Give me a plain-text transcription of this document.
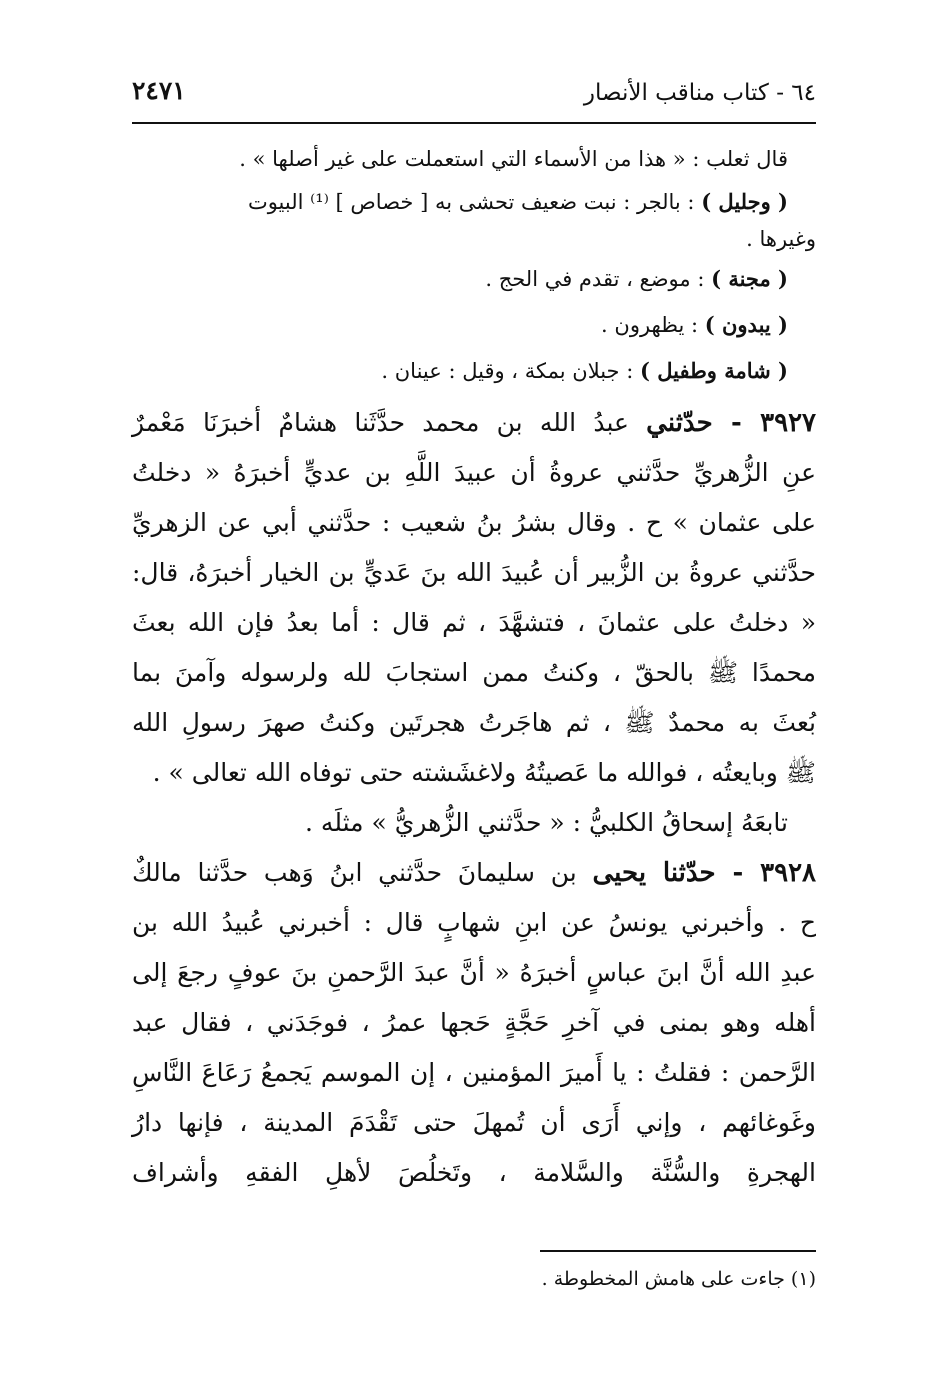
٦٤ - كتاب مناقب الأنصار
٢٤٧١
قال ثعلب : « هذا من الأسماء التي استعملت على غير أصلها » .
( وجليل ) : بالجر : نبت ضعيف تحشى به [ خصاص ] ⁽¹⁾ البيوت
وغيرها .
( مجنة ) : موضع ، تقدم في الحج .
( يبدون ) : يظهرون .
( شامة وطفيل ) : جبلان بمكة ، وقيل : عينان .
٣٩٢٧ - حدّثني عبدُ الله بن محمد حدَّثَنا هشامٌ أخبرَنَا مَعْمرٌ
عنِ الزُّهريِّ حدَّثني عروةُ أن عبيدَ اللَّهِ بن عديٍّ أخبرَهُ « دخلتُ
على عثمان » ح . وقال بشرُ بنُ شعيب : حدَّثني أبي عن الزهريِّ
حدَّثني عروةُ بن الزُّبير أن عُبيدَ الله بنَ عَديٍّ بن الخيار أخبرَهُ، قال:
« دخلتُ على عثمانَ ، فتشهَّدَ ، ثم قال : أما بعدُ فإن الله بعثَ
محمدًا ﷺ بالحقّ ، وكنتُ ممن استجابَ لله ولرسوله وآمنَ بما
بُعثَ به محمدٌ ﷺ ، ثم هاجَرتُ هجرتَين وكنتُ صهرَ رسولِ الله
ﷺ وبايعتُه ، فوالله ما عَصيتُهُ ولاغشَشته حتى توفاه الله تعالى » .
تابعَهُ إسحاقُ الكلبيُّ : « حدَّثني الزُّهريُّ » مثلَه .
٣٩٢٨ - حدّثنا يحيى بن سليمانَ حدَّثني ابنُ وَهب حدَّثنا مالكٌ
ح . وأخبرني يونسُ عن ابنِ شهابٍ قال : أخبرني عُبيدُ الله بن
عبدِ الله أنَّ ابنَ عباسٍ أخبرَهُ « أنَّ عبدَ الرَّحمنِ بنَ عوفٍ رجعَ إلى
أهله وهو بمنى في آخرِ حَجَّةٍ حَجها عمرُ ، فوجَدَني ، فقال عبد
الرَّحمن : فقلتُ : يا أَميرَ المؤمنين ، إن الموسم يَجمعُ رَعَاعَ النَّاسِ
وغَوغائهم ، وإني أَرَى أن تُمهلَ حتى تَقْدَمَ المدينة ، فإنها دارُ
الهجرةِ والسُّنَّة والسَّلامة ، وتَخلُصَ لأهلِ الفقهِ وأشراف
(١) جاءت على هامش المخطوطة .
